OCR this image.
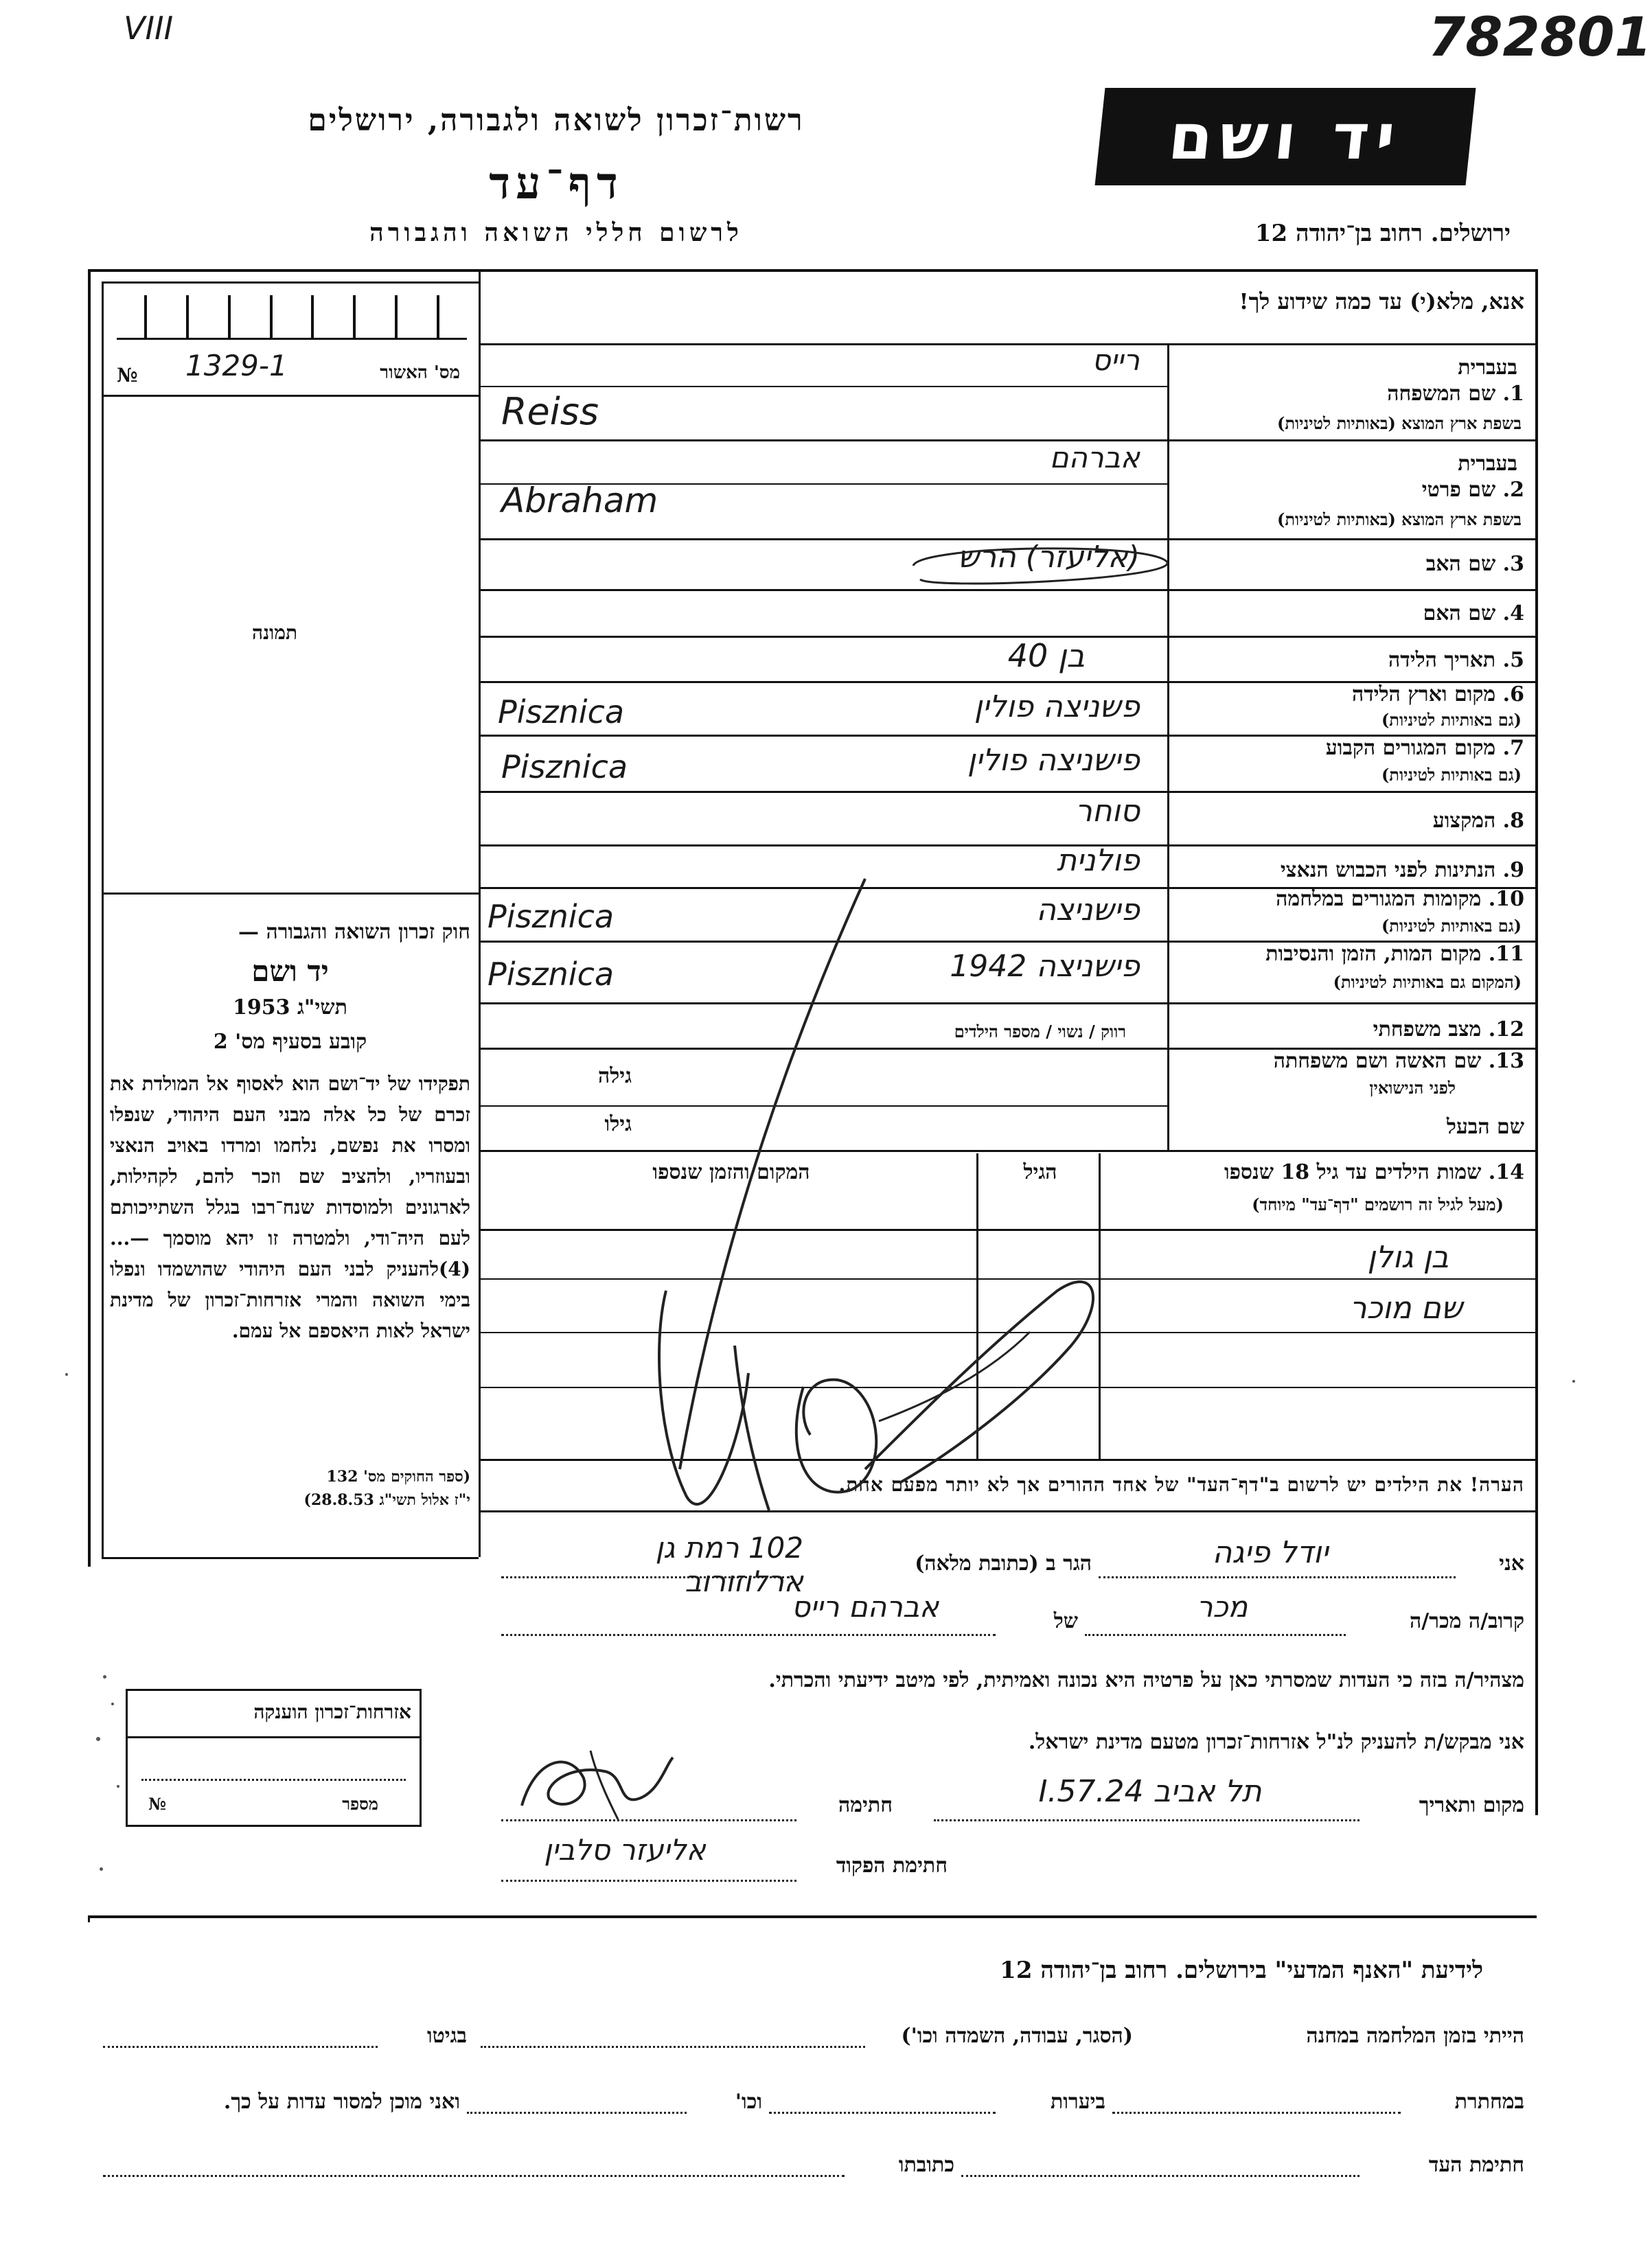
VIII	782801
רשות־זכרון לשואה ולגבורה, ירושלים
דף־עד
לרשום חללי השואה והגבורה
יד ושם
ירושלים. רחוב בן־יהודה 12
מס' האשור
1329-1
№
תמונה
חוק זכרון השואה והגבורה —
יד ושם
תשי"ג 1953
קובע בסעיף מס' 2
תפקידו של יד־ושם הוא לאסוף אל המולדת את זכרם של כל אלה מבני העם היהודי, שנפלו ומסרו את נפשם, נלחמו ומרדו באויב הנאצי ובעוזריו, ולהציב שם וזכר להם, לקהילות, לארגונים ולמוסדות שנח־רבו בגלל השתייכותם לעם היה־ודי, ולמטרה זו יהא מוסמך —...(4)להעניק לבני העם היהודי שהושמדו ונפלו בימי השואה והמרי אזרחות־זכרון של מדינת ישראל לאות היאספם אל עמם.
(ספר החוקים מס' 132
י"ז אלול תשי"ג 28.8.53)
אזרחות־זכרון הוענקה
מספר
№
אנא, מלא(י) עד כמה שידוע לך!
בעברית
1. שם המשפחה
בשפת ארץ המוצא (באותיות לטיניות)
רייס
Reiss
בעברית
2. שם פרטי
בשפת ארץ המוצא (באותיות לטיניות)
אברהם
Abraham
3. שם האב
(אליעזר) הרש
4. שם האם
5. תאריך הלידה
בן 40
6. מקום וארץ הלידה
(גם באותיות לטיניות)
פשניצה פולין
Pisznica
7. מקום המגורים הקבוע
(גם באותיות לטיניות)
פישניצה פולין
Pisznica
8. המקצוע
סוחר
9. הנתינות לפני הכבוש הנאצי
פולנית
10. מקומות המגורים במלחמה
(גם באותיות לטיניות)
פישניצה
Pisznica
11. מקום המות, הזמן והנסיבות
(המקום גם באותיות לטיניות)
פישניצה 1942
Pisznica
12. מצב משפחתי
רווק / נשוי / מספר הילדים
13. שם האשה ושם משפחתה
לפני הנישואין
גילה
שם הבעל
גילו
14. שמות הילדים עד גיל 18 שנספו
(מעל לגיל זה רושמים "דף־עד" מיוחד)
הגיל
המקום והזמן שנספו
בן גולן
שם מוכר
הערה! את הילדים יש לרשום ב"דף־העד" של אחד ההורים אך לא יותר מפעם אחת.
אני
יודל פיגה
הגר ב (כתובת מלאה)
102 רמת גן ארלוזורוב
קרוב/ה מכר/ה
מכר
של
אברהם רייס
מצהיר/ה בזה כי העדות שמסרתי כאן על פרטיה היא נכונה ואמיתית, לפי מיטב ידיעתי והכרתי.
אני מבקש/ת להעניק לנ"ל אזרחות־זכרון מטעם מדינת ישראל.
מקום ותאריך
תל אביב 24.I.57
חתימה
חתימת הפקוד
אליעזר סלבין
לידיעת "האנף המדעי" בירושלים. רחוב בן־יהודה 12
הייתי בזמן המלחמה במחנה
(הסגר, עבודה, השמדה וכו')
בגיטו
במחתרת
ביערות
וכו'
ואני מוכן למסור עדות על כך.
חתימת העד
כתובתו
